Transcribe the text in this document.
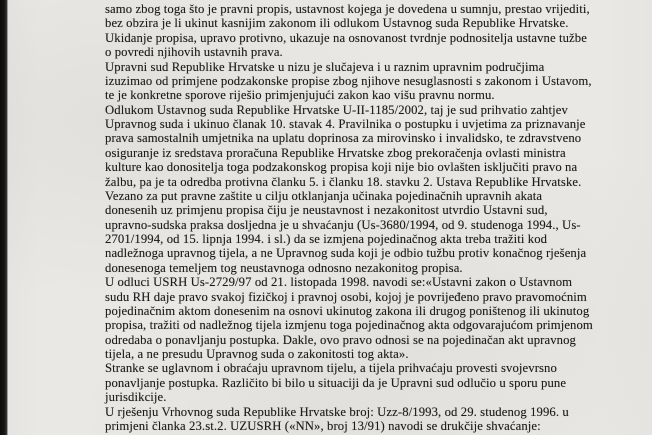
samo zbog toga što je pravni propis, ustavnost kojega je dovedena u sumnju, prestao vrijediti,
bez obzira je li ukinut kasnijim zakonom ili odlukom Ustavnog suda Republike Hrvatske.
Ukidanje propisa, upravo protivno, ukazuje na osnovanost tvrdnje podnositelja ustavne tužbe
o povredi njihovih ustavnih prava.
Upravni sud Republike Hrvatske u nizu je slučajeva i u raznim upravnim područjima
izuzimao od primjene podzakonske propise zbog njihove nesuglasnosti s zakonom i Ustavom,
te je konkretne sporove riješio primjenjujući zakon kao višu pravnu normu.
Odlukom Ustavnog suda Republike Hrvatske U-II-1185/2002, taj je sud prihvatio zahtjev
Upravnog suda i ukinuo članak 10. stavak 4. Pravilnika o postupku i uvjetima za priznavanje
prava samostalnih umjetnika na uplatu doprinosa za mirovinsko i invalidsko, te zdravstveno
osiguranje iz sredstava proračuna Republike Hrvatske zbog prekoračenja ovlasti ministra
kulture kao donositelja toga podzakonskog propisa koji nije bio ovlašten isključiti pravo na
žalbu, pa je ta odredba protivna članku 5. i članku 18. stavku 2. Ustava Republike Hrvatske.
Vezano za put pravne zaštite u cilju otklanjanja učinaka pojedinačnih upravnih akata
donesenih uz primjenu propisa čiju je neustavnost i nezakonitost utvrdio Ustavni sud,
upravno-sudska praksa dosljedna je u shvaćanju (Us-3680/1994, od 9. studenoga 1994., Us-
2701/1994, od 15. lipnja 1994. i sl.) da se izmjena pojedinačnog akta treba tražiti kod
nadležnoga upravnog tijela, a ne Upravnog suda koji je odbio tužbu protiv konačnog rješenja
donesenoga temeljem tog neustavnoga odnosno nezakonitog propisa.
U odluci USRH Us-2729/97 od 21. listopada 1998. navodi se:«Ustavni zakon o Ustavnom
sudu RH daje pravo svakoj fizičkoj i pravnoj osobi, kojoj je povrijeđeno pravo pravomoćnim
pojedinačnim aktom donesenim na osnovi ukinutog zakona ili drugog poništenog ili ukinutog
propisa, tražiti od nadležnog tijela izmjenu toga pojedinačnog akta odgovarajućom primjenom
odredaba o ponavljanju postupka. Dakle, ovo pravo odnosi se na pojedinačan akt upravnog
tijela, a ne presudu Upravnog suda o zakonitosti tog akta».
Stranke se uglavnom i obraćaju upravnom tijelu, a tijela prihvaćaju provesti svojevrsno
ponavljanje postupka. Različito bi bilo u situaciji da je Upravni sud odlučio u sporu pune
jurisdikcije.
U rješenju Vrhovnog suda Republike Hrvatske broj: Uzz-8/1993, od 29. studenog 1996. u
primjeni članka 23.st.2. UZUSRH («NN», broj 13/91) navodi se drukčije shvaćanje:
